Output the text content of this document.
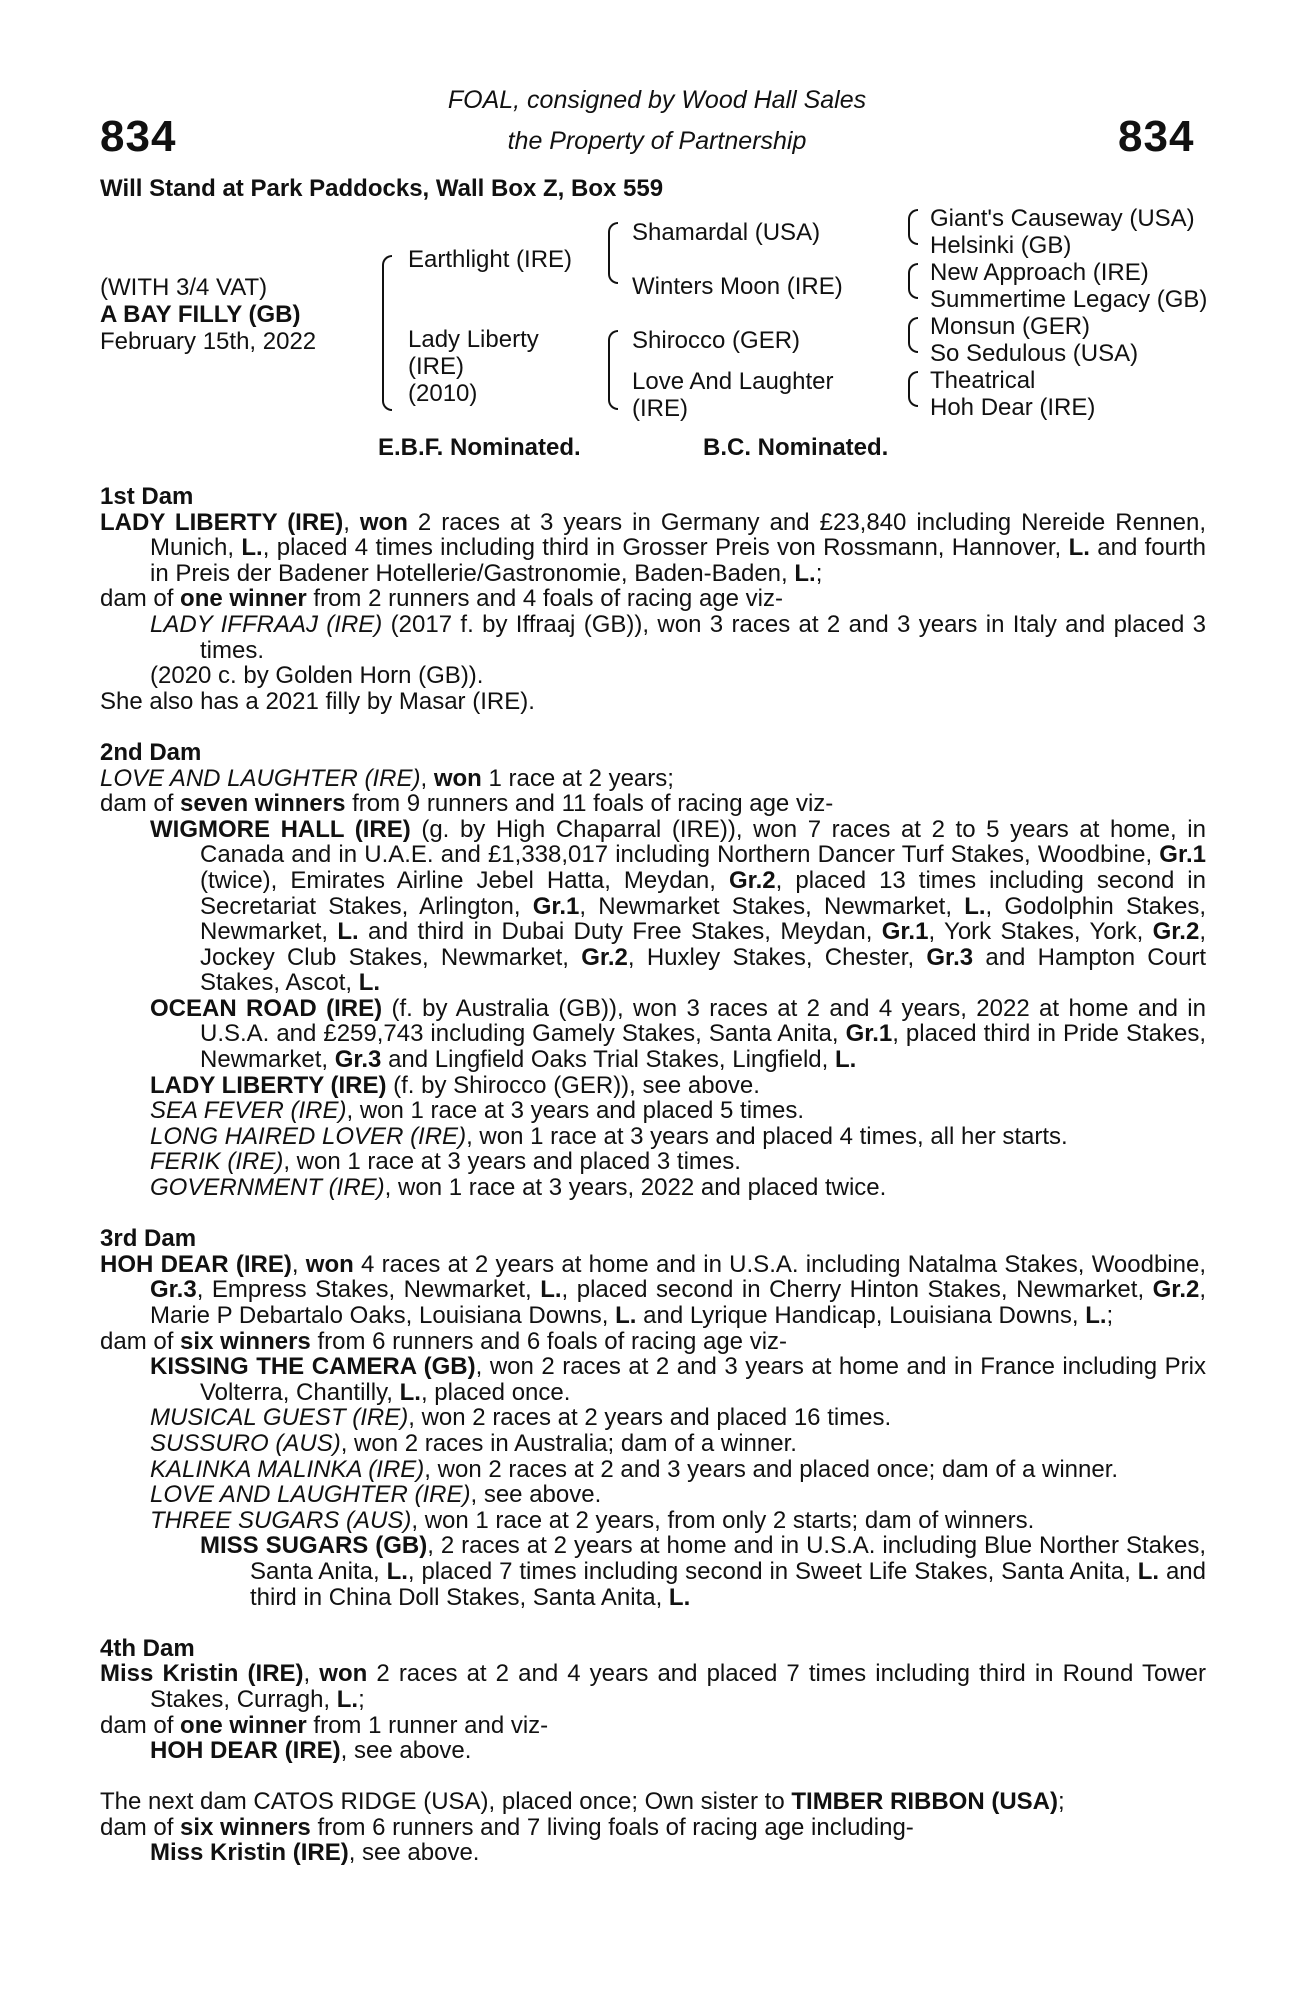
834	834
FOAL, consigned by Wood Hall Sales
the Property of Partnership
Will Stand at Park Paddocks, Wall Box Z, Box 559
(WITH 3/4 VAT)
A BAY FILLY (GB)
February 15th, 2022
Earthlight (IRE)
Lady Liberty
(IRE)
(2010)
Shamardal (USA)
Winters Moon (IRE)
Shirocco (GER)
Love And Laughter
(IRE)
Giant's Causeway (USA)
Helsinki (GB)
New Approach (IRE)
Summertime Legacy (GB)
Monsun (GER)
So Sedulous (USA)
Theatrical
Hoh Dear (IRE)
E.B.F. Nominated.	B.C. Nominated.

1st Dam

LADY LIBERTY (IRE), won 2 races at 3 years in Germany and £23,840 including Nereide Rennen, Munich, L., placed 4 times including third in Grosser Preis von Rossmann, Hannover, L. and fourth in Preis der Badener Hotellerie/Gastronomie, Baden-Baden, L.;

dam of one winner from 2 runners and 4 foals of racing age viz-

LADY IFFRAAJ (IRE) (2017 f. by Iffraaj (GB)), won 3 races at 2 and 3 years in Italy and placed 3 times.

(2020 c. by Golden Horn (GB)).

She also has a 2021 filly by Masar (IRE).

2nd Dam

LOVE AND LAUGHTER (IRE), won 1 race at 2 years;

dam of seven winners from 9 runners and 11 foals of racing age viz-

WIGMORE HALL (IRE) (g. by High Chaparral (IRE)), won 7 races at 2 to 5 years at home, in Canada and in U.A.E. and £1,338,017 including Northern Dancer Turf Stakes, Woodbine, Gr.1 (twice), Emirates Airline Jebel Hatta, Meydan, Gr.2, placed 13 times including second in Secretariat Stakes, Arlington, Gr.1, Newmarket Stakes, Newmarket, L., Godolphin Stakes, Newmarket, L. and third in Dubai Duty Free Stakes, Meydan, Gr.1, York Stakes, York, Gr.2, Jockey Club Stakes, Newmarket, Gr.2, Huxley Stakes, Chester, Gr.3 and Hampton Court Stakes, Ascot, L.

OCEAN ROAD (IRE) (f. by Australia (GB)), won 3 races at 2 and 4 years, 2022 at home and in U.S.A. and £259,743 including Gamely Stakes, Santa Anita, Gr.1, placed third in Pride Stakes, Newmarket, Gr.3 and Lingfield Oaks Trial Stakes, Lingfield, L.

LADY LIBERTY (IRE) (f. by Shirocco (GER)), see above.

SEA FEVER (IRE), won 1 race at 3 years and placed 5 times.

LONG HAIRED LOVER (IRE), won 1 race at 3 years and placed 4 times, all her starts.

FERIK (IRE), won 1 race at 3 years and placed 3 times.

GOVERNMENT (IRE), won 1 race at 3 years, 2022 and placed twice.

3rd Dam

HOH DEAR (IRE), won 4 races at 2 years at home and in U.S.A. including Natalma Stakes, Woodbine, Gr.3, Empress Stakes, Newmarket, L., placed second in Cherry Hinton Stakes, Newmarket, Gr.2, Marie P Debartalo Oaks, Louisiana Downs, L. and Lyrique Handicap, Louisiana Downs, L.;

dam of six winners from 6 runners and 6 foals of racing age viz-

KISSING THE CAMERA (GB), won 2 races at 2 and 3 years at home and in France including Prix Volterra, Chantilly, L., placed once.

MUSICAL GUEST (IRE), won 2 races at 2 years and placed 16 times.

SUSSURO (AUS), won 2 races in Australia; dam of a winner.

KALINKA MALINKA (IRE), won 2 races at 2 and 3 years and placed once; dam of a winner.

LOVE AND LAUGHTER (IRE), see above.

THREE SUGARS (AUS), won 1 race at 2 years, from only 2 starts; dam of winners.

MISS SUGARS (GB), 2 races at 2 years at home and in U.S.A. including Blue Norther Stakes, Santa Anita, L., placed 7 times including second in Sweet Life Stakes, Santa Anita, L. and third in China Doll Stakes, Santa Anita, L.

4th Dam

Miss Kristin (IRE), won 2 races at 2 and 4 years and placed 7 times including third in Round Tower Stakes, Curragh, L.;

dam of one winner from 1 runner and viz-

HOH DEAR (IRE), see above.

The next dam CATOS RIDGE (USA), placed once; Own sister to TIMBER RIBBON (USA);

dam of six winners from 6 runners and 7 living foals of racing age including-

Miss Kristin (IRE), see above.
